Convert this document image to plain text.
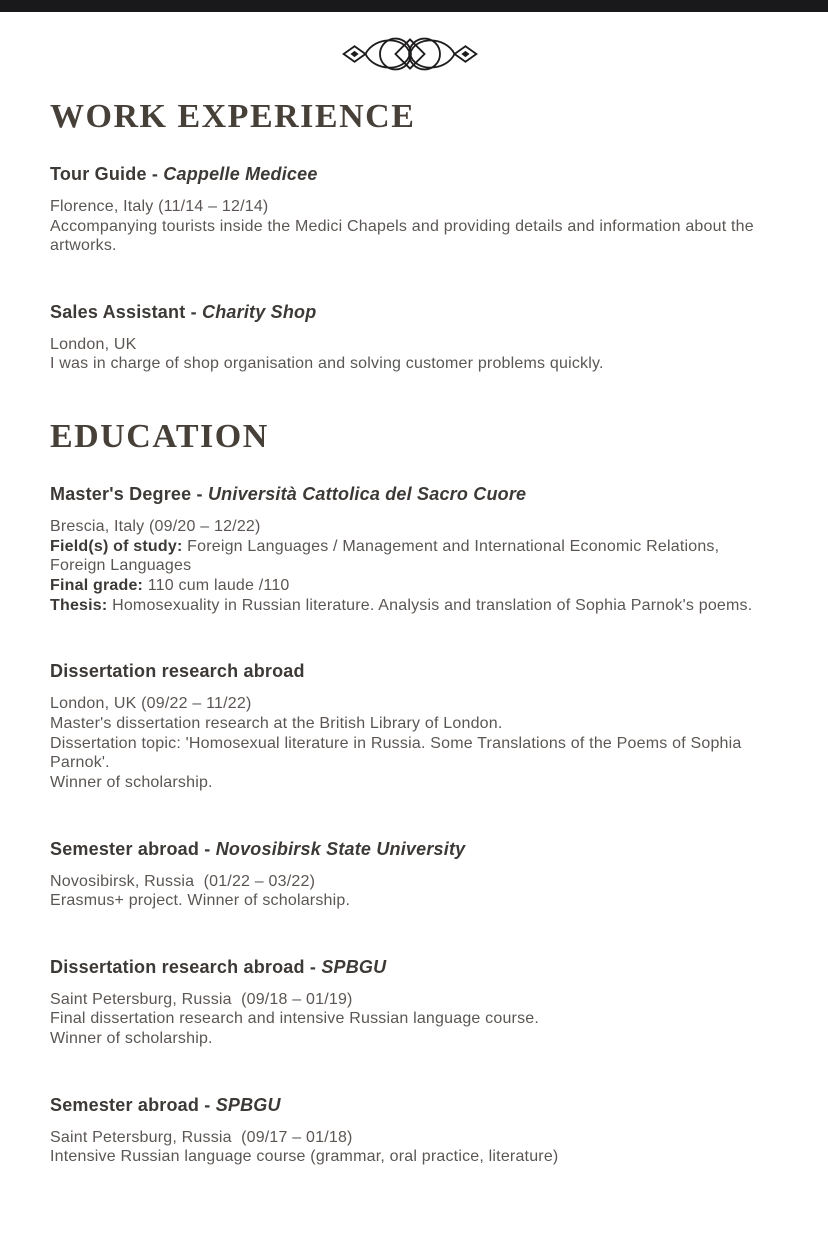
WORK EXPERIENCE
Tour Guide - Cappelle Medicee

Florence, Italy (11/14 – 12/14)

Accompanying tourists inside the Medici Chapels and providing details and information about the artworks.

Sales Assistant - Charity Shop

London, UK

I was in charge of shop organisation and solving customer problems quickly.

EDUCATION
Master's Degree - Università Cattolica del Sacro Cuore

Brescia, Italy (09/20 – 12/22)

Field(s) of study: Foreign Languages / Management and International Economic Relations, Foreign Languages

Final grade: 110 cum laude /110

Thesis: Homosexuality in Russian literature. Analysis and translation of Sophia Parnok's poems.

Dissertation research abroad

London, UK (09/22 – 11/22)

Master's dissertation research at the British Library of London.

Dissertation topic: 'Homosexual literature in Russia. Some Translations of the Poems of Sophia Parnok'.

Winner of scholarship.

Semester abroad - Novosibirsk State University

Novosibirsk, Russia  (01/22 – 03/22)

Erasmus+ project. Winner of scholarship.

Dissertation research abroad - SPBGU

Saint Petersburg, Russia  (09/18 – 01/19)

Final dissertation research and intensive Russian language course.

Winner of scholarship.

Semester abroad - SPBGU

Saint Petersburg, Russia  (09/17 – 01/18)

Intensive Russian language course (grammar, oral practice, literature)
